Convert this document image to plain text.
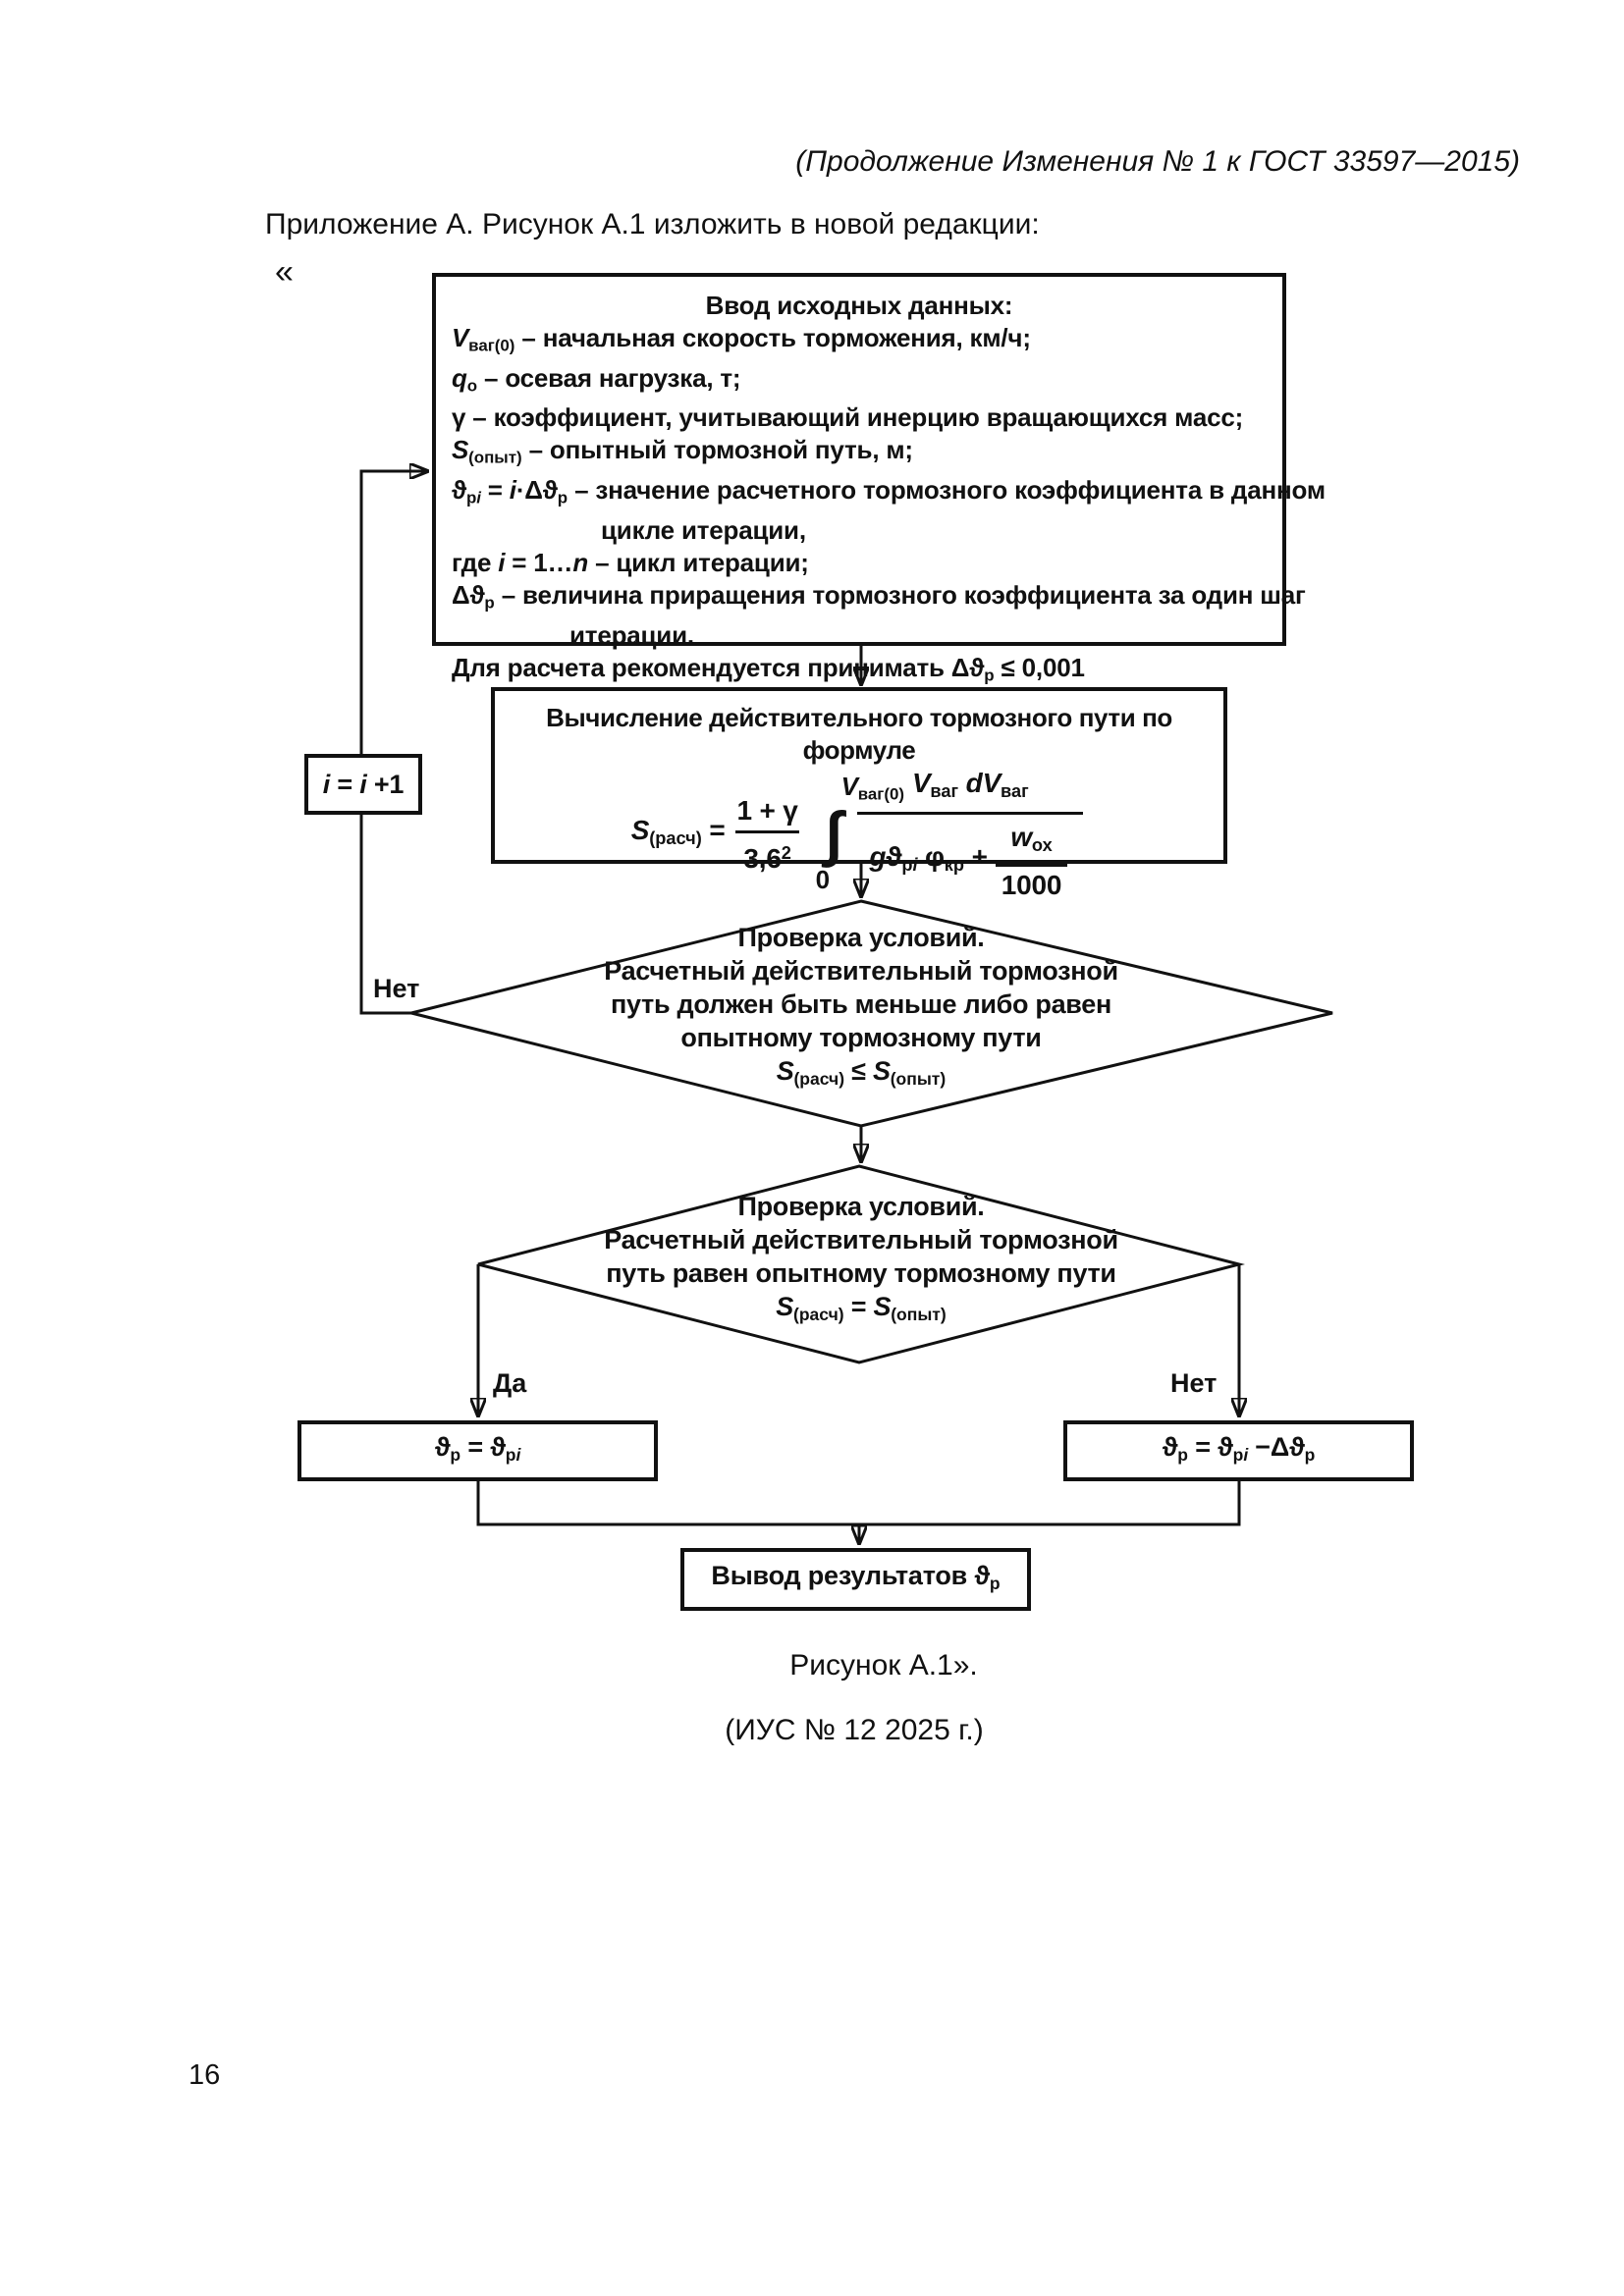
(Продолжение Изменения № 1 к ГОСТ 33597—2015)
Приложение А. Рисунок А.1 изложить в новой редакции:
«
Рисунок А.1».
(ИУС № 12 2025 г.)
16
Ввод исходных данных:
Vваг(0) – начальная скорость торможения, км/ч;
qо – осевая нагрузка, т;
γ – коэффициент, учитывающий инерцию вращающихся масс;
S(опыт) – опытный тормозной путь, м;
ϑрi = i·Δϑр – значение расчетного тормозного коэффициента в данном
цикле итерации,
где i = 1…n – цикл итерации;
Δϑр – величина приращения тормозного коэффициента за один шаг
итерации.
Для расчета рекомендуется принимать Δϑр ≤ 0,001
i = i +1
Вычисление действительного тормозного пути по формуле
S(расч) = $\frac{1 + \gamma}{3,6^2}$
Vваг(0)
∫
$0 \frac{\text{Vваг dVваг}}{gϑрi \varphi кр + \frac{\text{wох}}{1000}}$
Проверка условий.
Расчетный действительный тормозной
путь должен быть меньше либо равен
опытному тормозному пути
S(расч) ≤ S(опыт)
Проверка условий.
Расчетный действительный тормозной
путь равен опытному тормозному пути
S(расч) = S(опыт)
Нет
Да	Нет
ϑр = ϑрi	ϑр = ϑрi −Δϑр
Вывод результатов ϑр
